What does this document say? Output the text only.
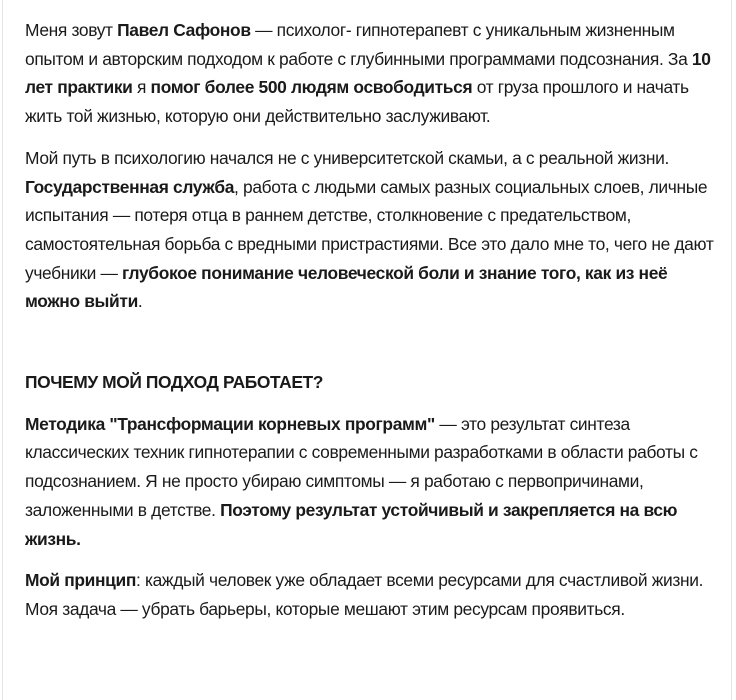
Меня зовут Павел Сафонов — психолог- гипнотерапевт с уникальным жизненным опытом и авторским подходом к работе с глубинными программами подсознания. За 10 лет практики я помог более 500 людям освободиться от груза прошлого и начать жить той жизнью, которую они действительно заслуживают.

Мой путь в психологию начался не с университетской скамьи, а с реальной жизни. Государственная служба, работа с людьми самых разных социальных слоев, личные испытания — потеря отца в раннем детстве, столкновение с предательством, самостоятельная борьба с вредными пристрастиями. Все это дало мне то, чего не дают учебники — глубокое понимание человеческой боли и знание того, как из неё можно выйти.

ПОЧЕМУ МОЙ ПОДХОД РАБОТАЕТ?

Методика "Трансформации корневых программ" — это результат синтеза классических техник гипнотерапии с современными разработками в области работы с подсознанием. Я не просто убираю симптомы — я работаю с первопричинами, заложенными в детстве. Поэтому результат устойчивый и закрепляется на всю жизнь.

Мой принцип: каждый человек уже обладает всеми ресурсами для счастливой жизни. Моя задача — убрать барьеры, которые мешают этим ресурсам проявиться.
